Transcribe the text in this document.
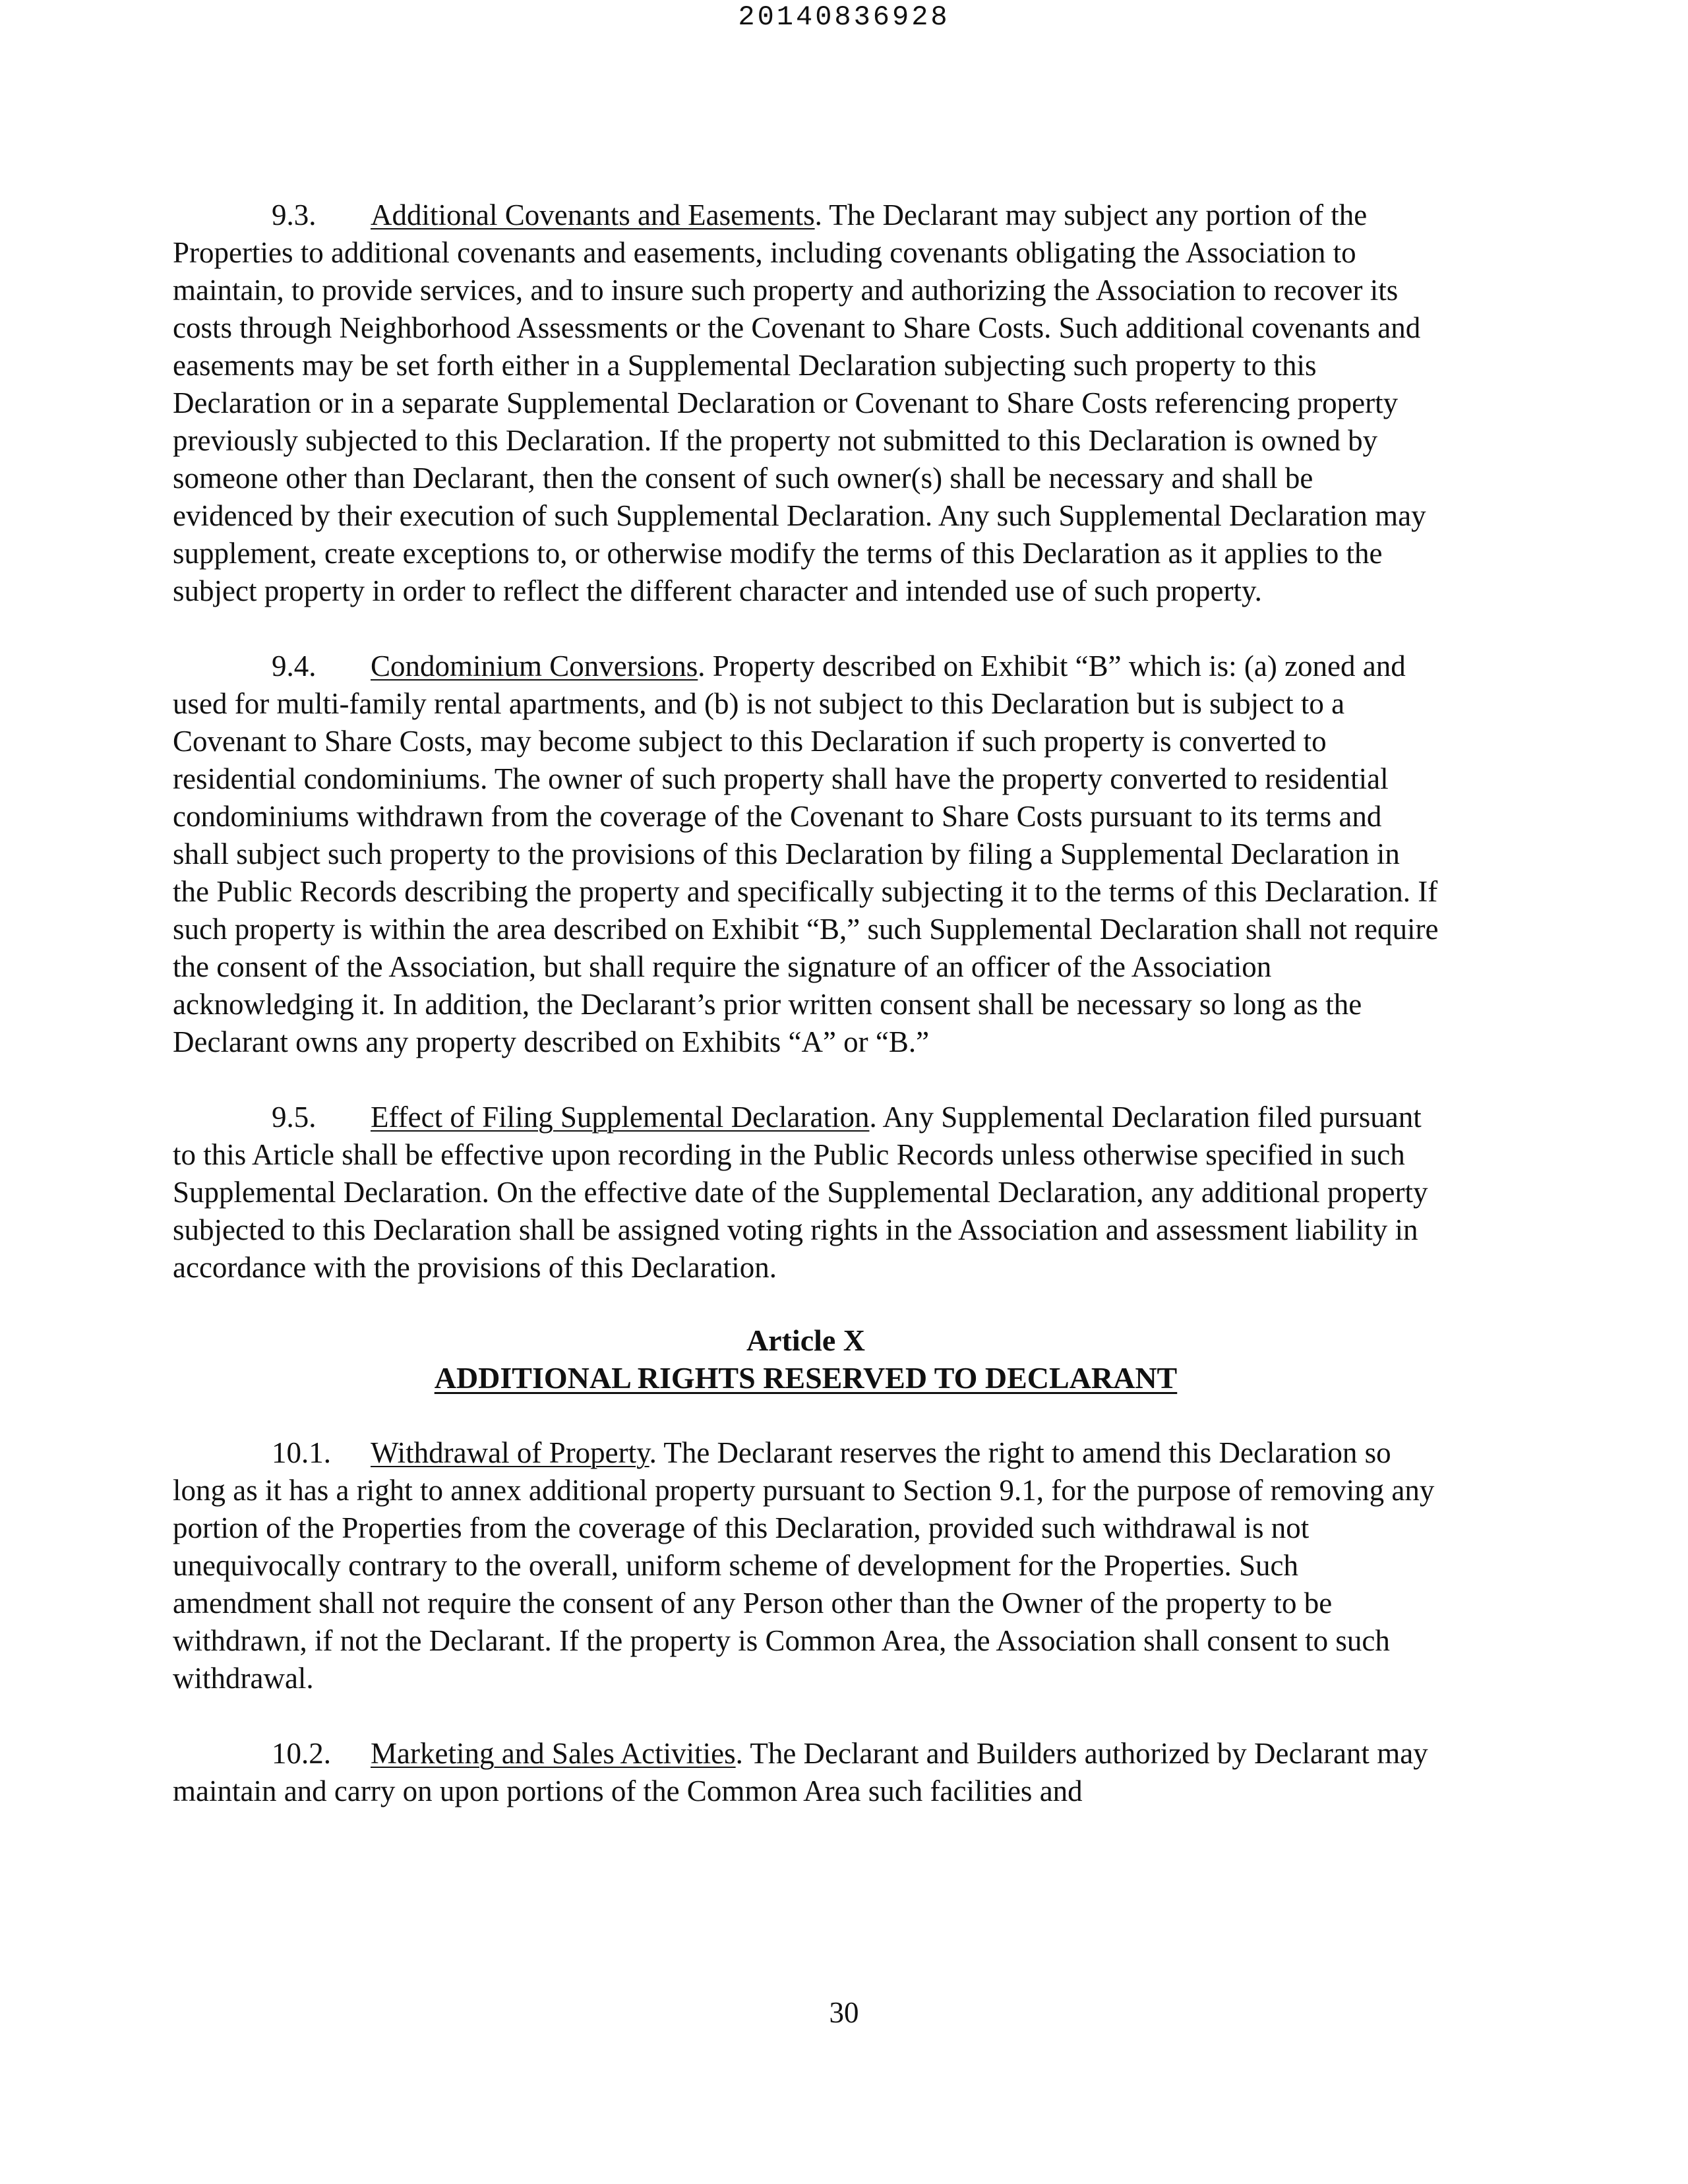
20140836928

9.3. Additional Covenants and Easements. The Declarant may subject any portion of the Properties to additional covenants and easements, including covenants obligating the Association to maintain, to provide services, and to insure such property and authorizing the Association to recover its costs through Neighborhood Assessments or the Covenant to Share Costs. Such additional covenants and easements may be set forth either in a Supplemental Declaration subjecting such property to this Declaration or in a separate Supplemental Declaration or Covenant to Share Costs referencing property previously subjected to this Declaration. If the property not submitted to this Declaration is owned by someone other than Declarant, then the consent of such owner(s) shall be necessary and shall be evidenced by their execution of such Supplemental Declaration. Any such Supplemental Declaration may supplement, create exceptions to, or otherwise modify the terms of this Declaration as it applies to the subject property in order to reflect the different character and intended use of such property.

9.4. Condominium Conversions. Property described on Exhibit “B” which is: (a) zoned and used for multi-family rental apartments, and (b) is not subject to this Declaration but is subject to a Covenant to Share Costs, may become subject to this Declaration if such property is converted to residential condominiums. The owner of such property shall have the property converted to residential condominiums withdrawn from the coverage of the Covenant to Share Costs pursuant to its terms and shall subject such property to the provisions of this Declaration by filing a Supplemental Declaration in the Public Records describing the property and specifically subjecting it to the terms of this Declaration. If such property is within the area described on Exhibit “B,” such Supplemental Declaration shall not require the consent of the Association, but shall require the signature of an officer of the Association acknowledging it. In addition, the Declarant’s prior written consent shall be necessary so long as the Declarant owns any property described on Exhibits “A” or “B.”

9.5. Effect of Filing Supplemental Declaration. Any Supplemental Declaration filed pursuant to this Article shall be effective upon recording in the Public Records unless otherwise specified in such Supplemental Declaration. On the effective date of the Supplemental Declaration, any additional property subjected to this Declaration shall be assigned voting rights in the Association and assessment liability in accordance with the provisions of this Declaration.

Article X
ADDITIONAL RIGHTS RESERVED TO DECLARANT

10.1. Withdrawal of Property. The Declarant reserves the right to amend this Declaration so long as it has a right to annex additional property pursuant to Section 9.1, for the purpose of removing any portion of the Properties from the coverage of this Declaration, provided such withdrawal is not unequivocally contrary to the overall, uniform scheme of development for the Properties. Such amendment shall not require the consent of any Person other than the Owner of the property to be withdrawn, if not the Declarant. If the property is Common Area, the Association shall consent to such withdrawal.

10.2. Marketing and Sales Activities. The Declarant and Builders authorized by Declarant may maintain and carry on upon portions of the Common Area such facilities and

30
